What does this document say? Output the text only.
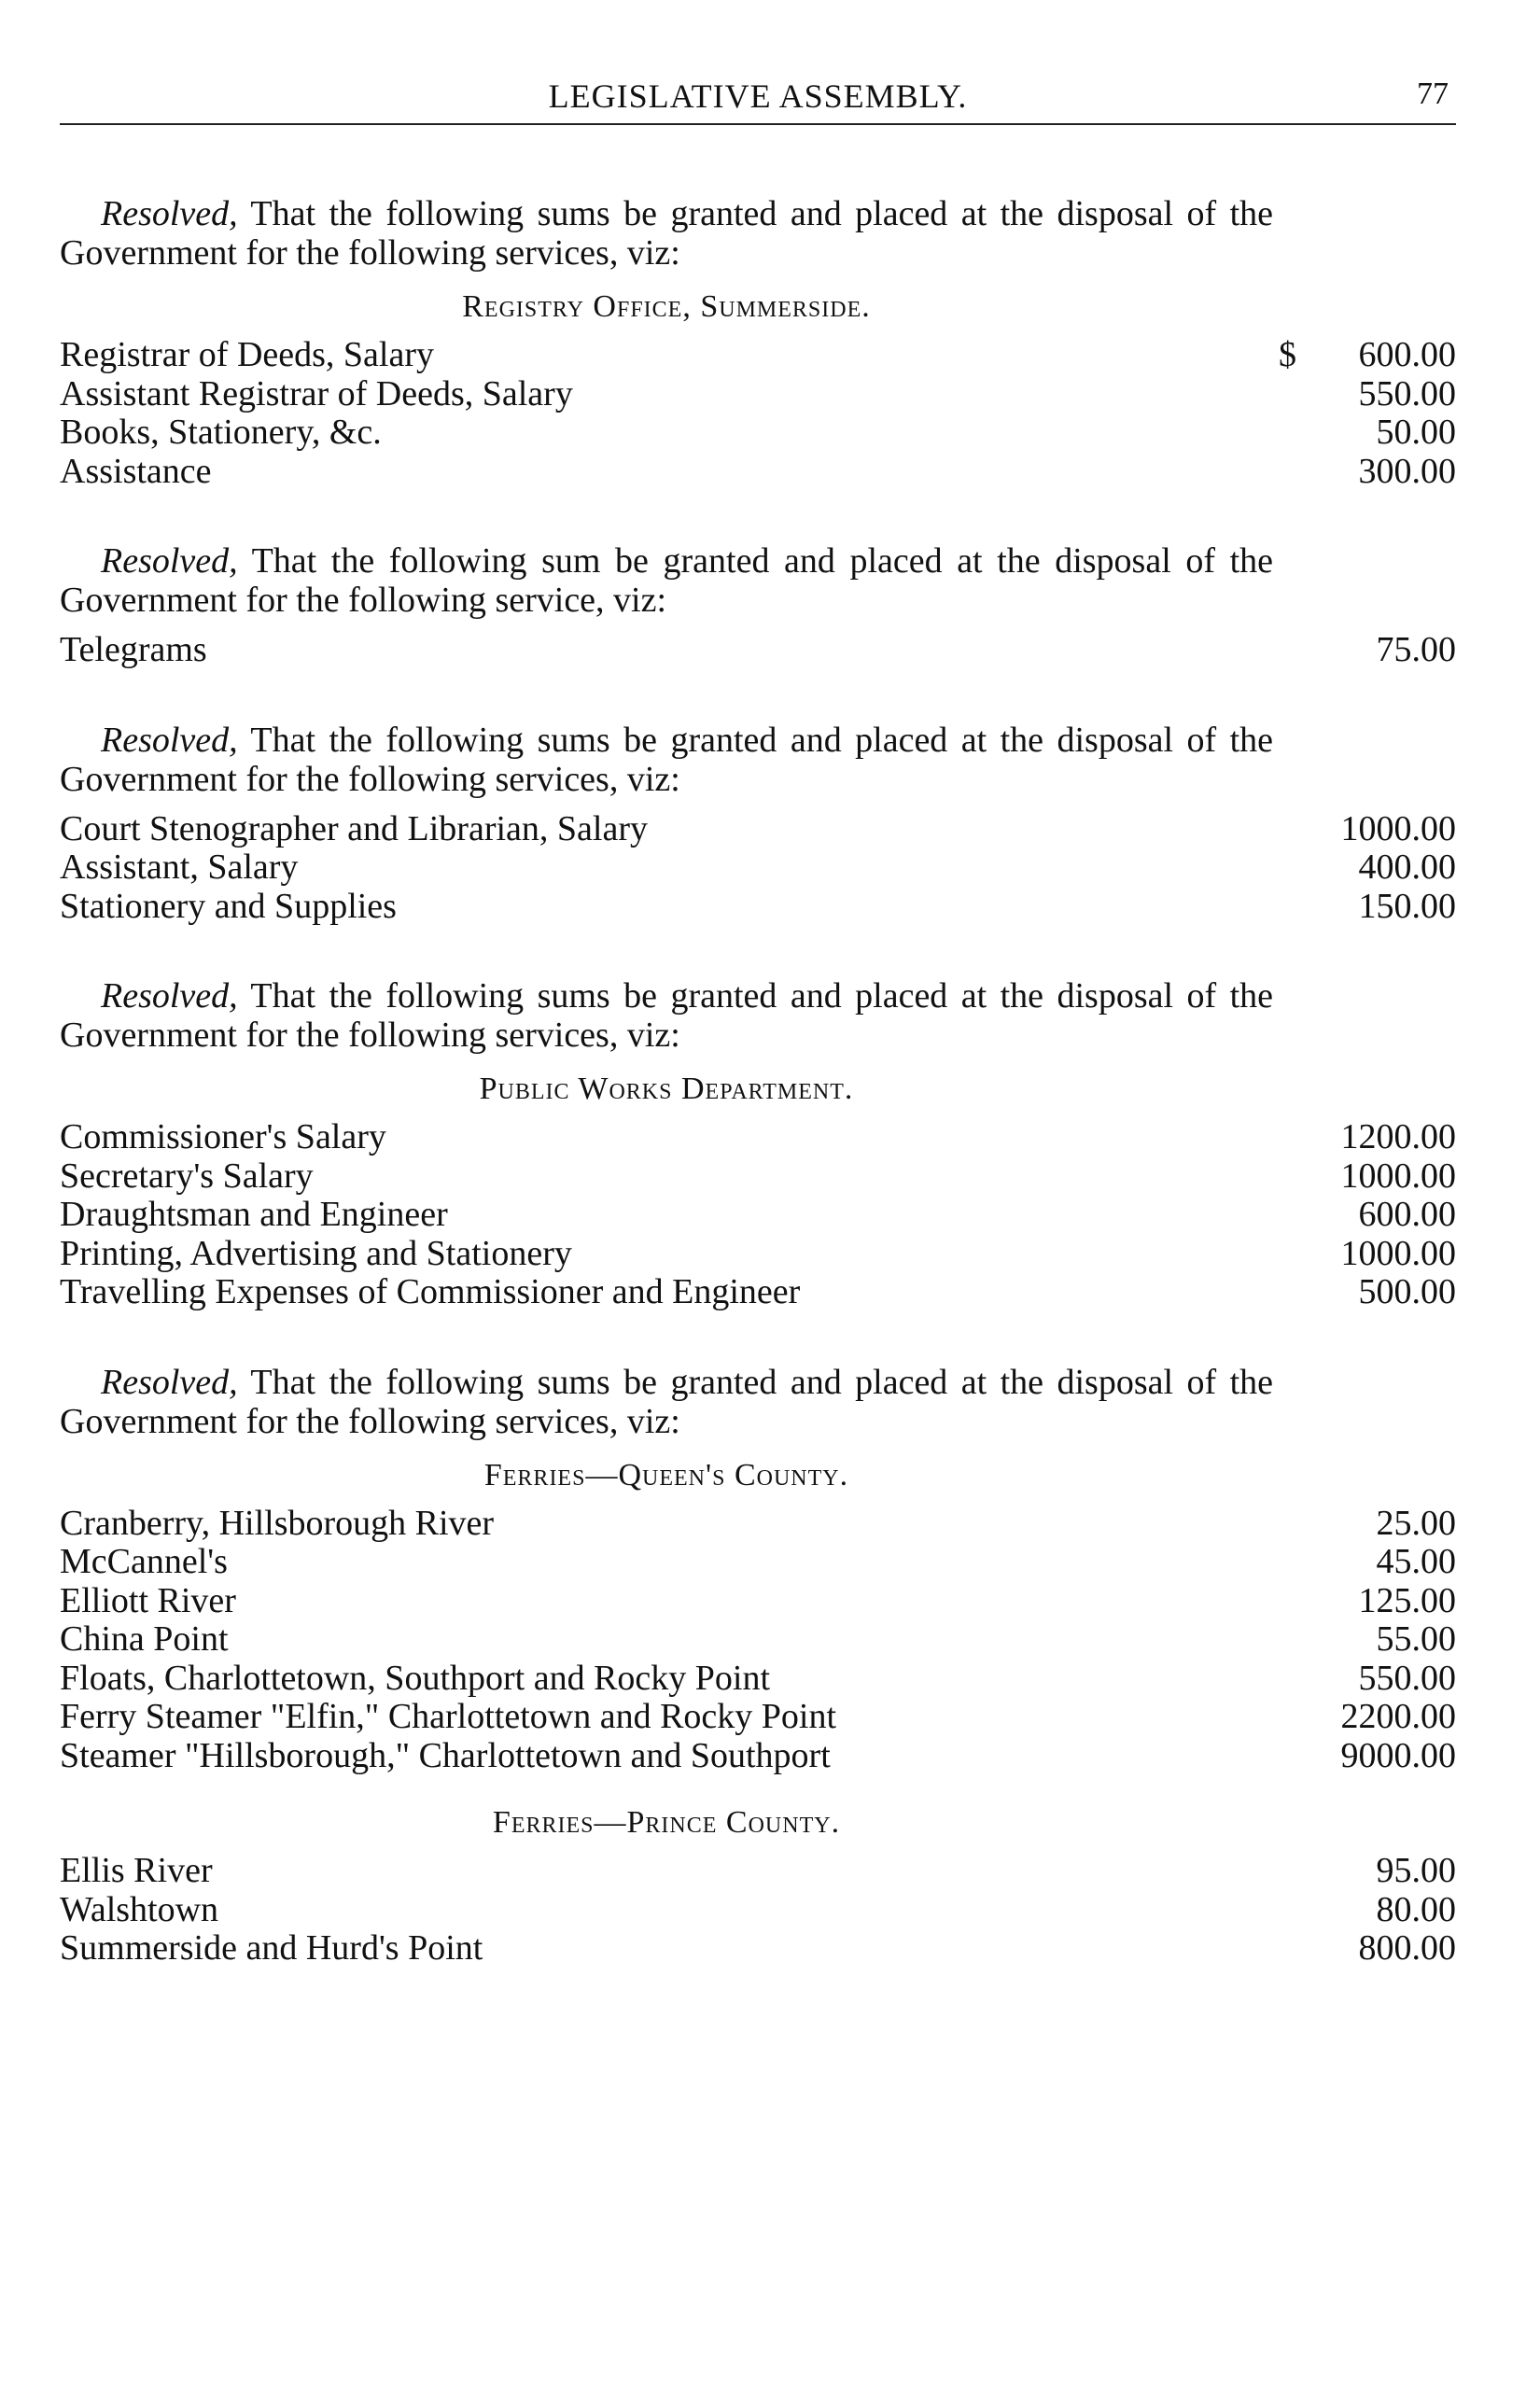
LEGISLATIVE ASSEMBLY.	77

Resolved, That the following sums be granted and placed at the disposal of the Government for the following services, viz:

Registry Office, Summerside.
Registrar of Deeds, Salary	$ 600.00
Assistant Registrar of Deeds, Salary	550.00
Books, Stationery, &c.	50.00
Assistance	300.00

Resolved, That the following sum be granted and placed at the disposal of the Government for the following service, viz:

Telegrams	75.00

Resolved, That the following sums be granted and placed at the disposal of the Government for the following services, viz:

Court Stenographer and Librarian, Salary	1000.00
Assistant, Salary	400.00
Stationery and Supplies	150.00

Resolved, That the following sums be granted and placed at the disposal of the Government for the following services, viz:

Public Works Department.
Commissioner's Salary	1200.00
Secretary's Salary	1000.00
Draughtsman and Engineer	600.00
Printing, Advertising and Stationery	1000.00
Travelling Expenses of Commissioner and Engineer	500.00

Resolved, That the following sums be granted and placed at the disposal of the Government for the following services, viz:

Ferries—Queen's County.
Cranberry, Hillsborough River	25.00
McCannel's	45.00
Elliott River	125.00
China Point	55.00
Floats, Charlottetown, Southport and Rocky Point	550.00
Ferry Steamer "Elfin," Charlottetown and Rocky Point	2200.00
Steamer "Hillsborough," Charlottetown and Southport	9000.00
Ferries—Prince County.
Ellis River	95.00
Walshtown	80.00
Summerside and Hurd's Point	800.00
